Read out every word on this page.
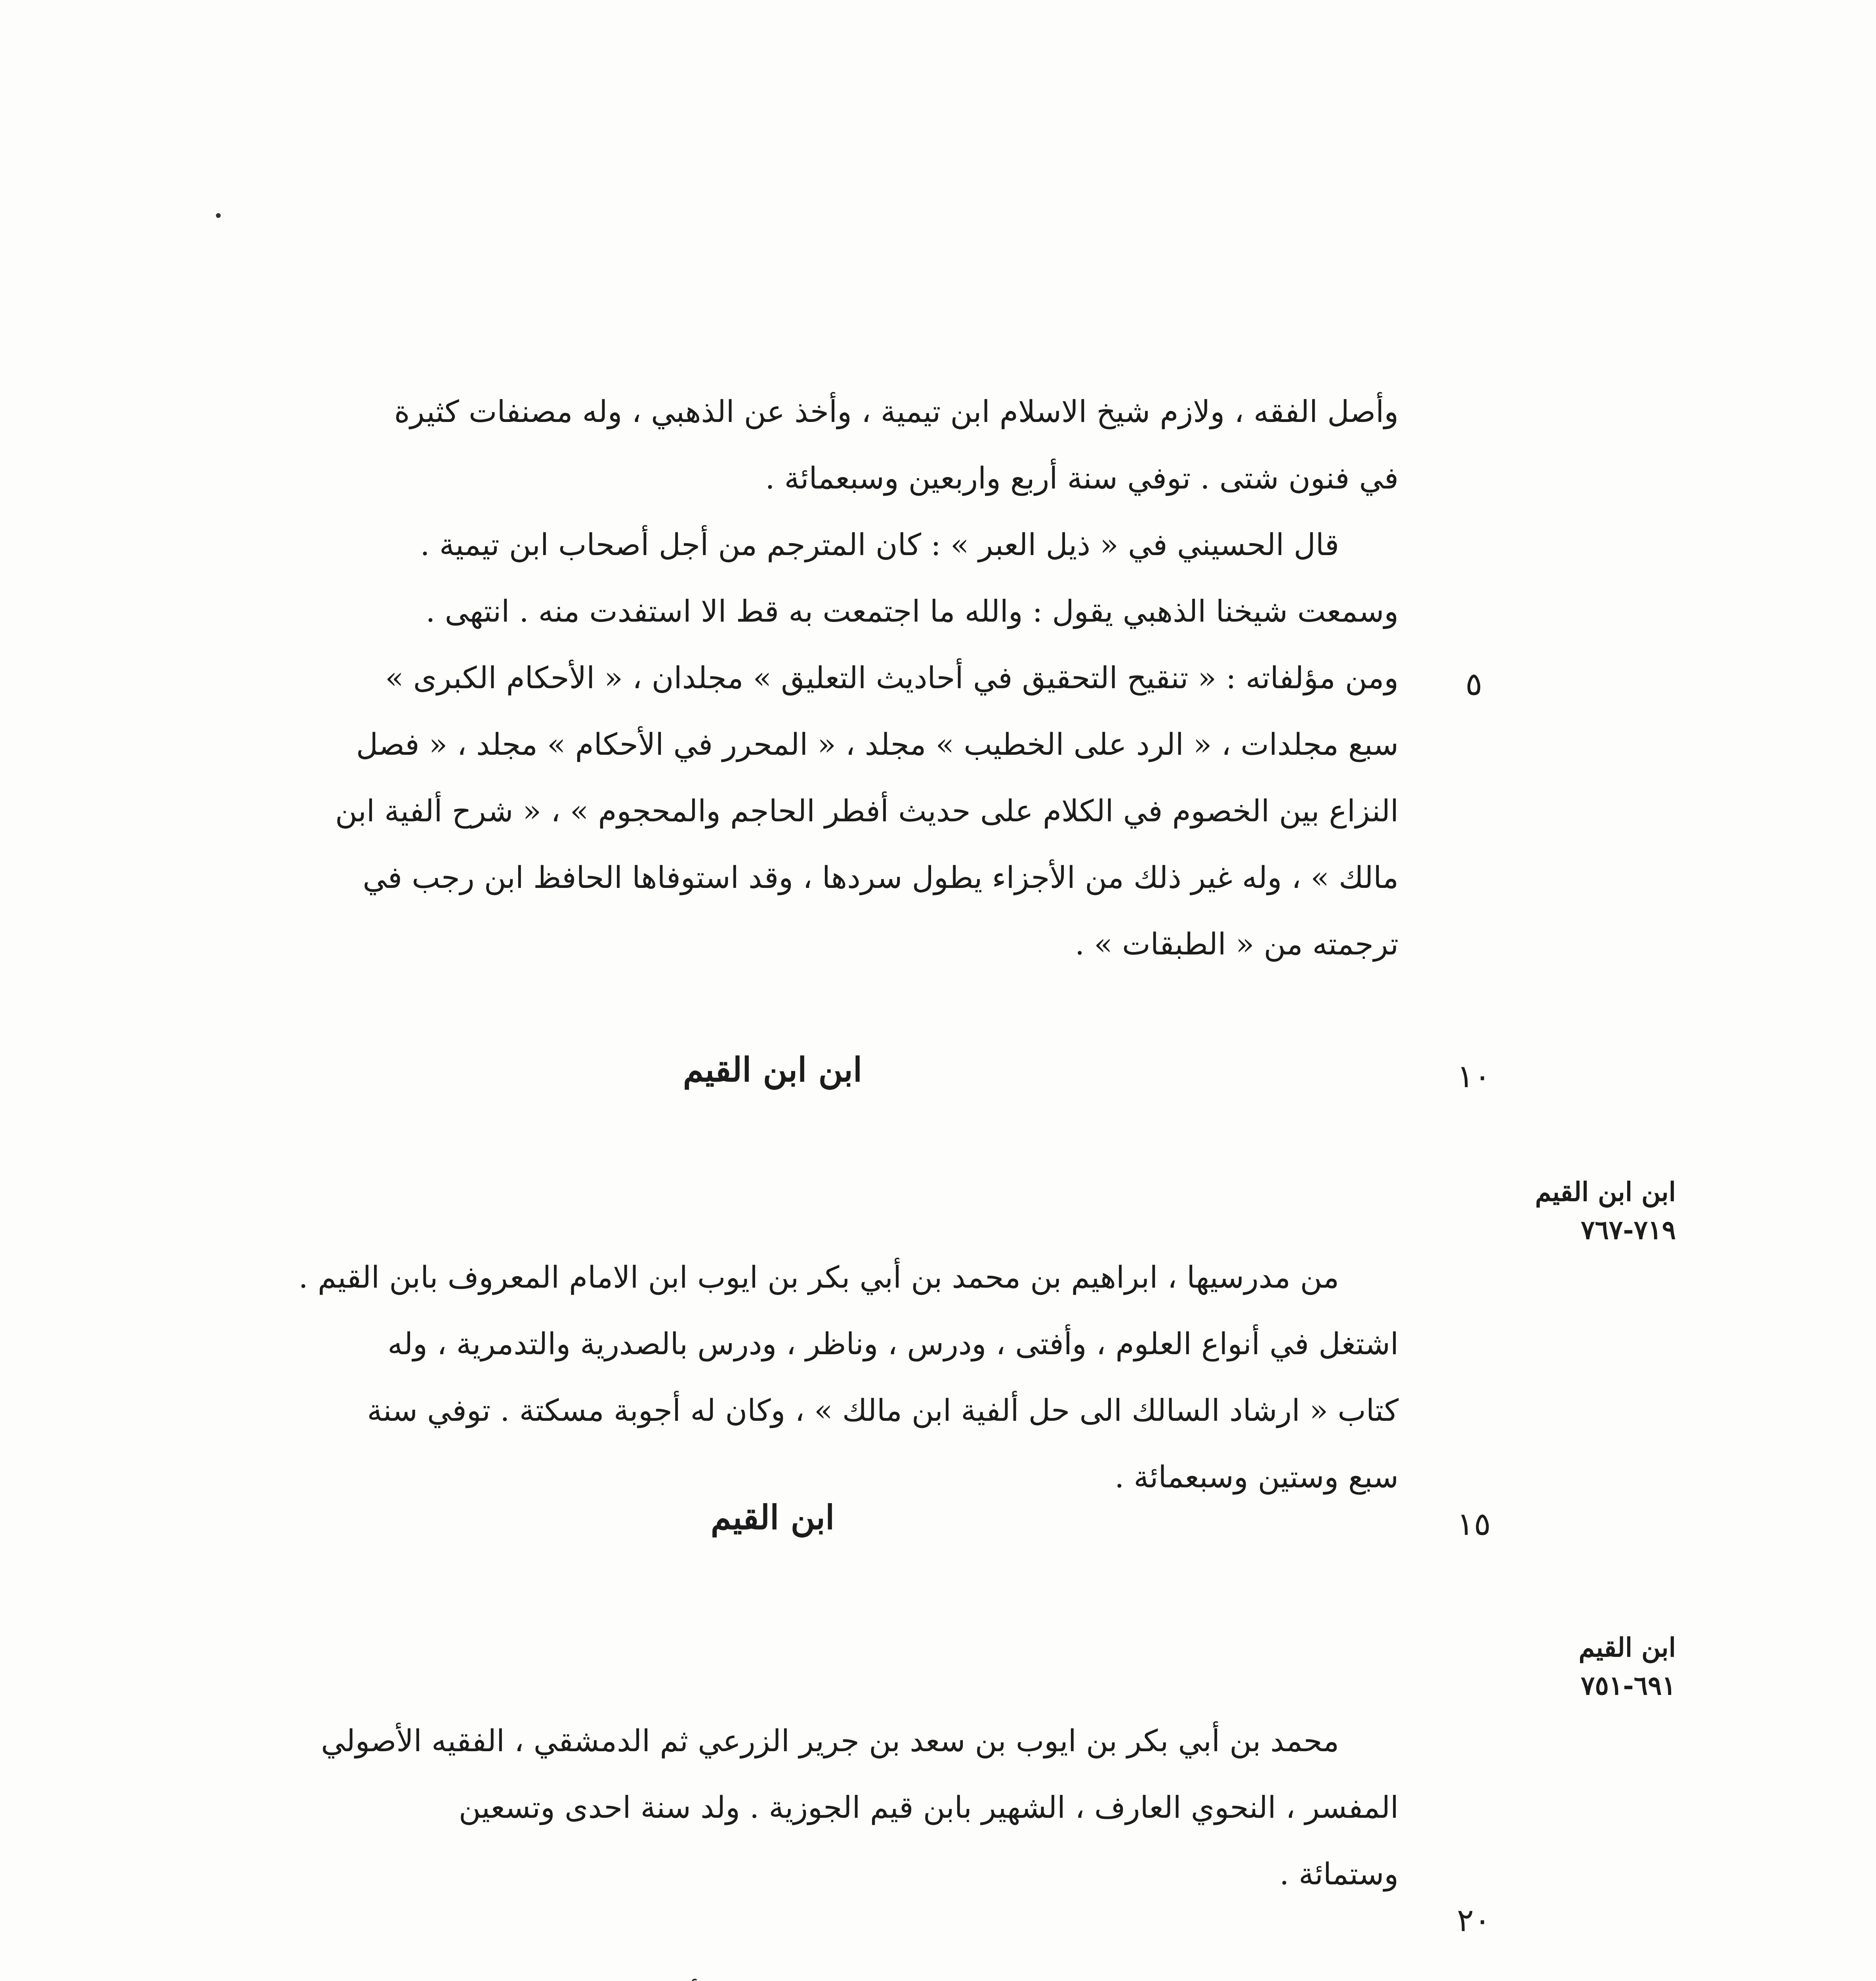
وأصل الفقه ، ولازم شيخ الاسلام ابن تيمية ، وأخذ عن الذهبي ، وله مصنفات كثيرة
في فنون شتى . توفي سنة أربع واربعين وسبعمائة .
قال الحسيني في « ذيل العبر » : كان المترجم من أجل أصحاب ابن تيمية .
وسمعت شيخنا الذهبي يقول : والله ما اجتمعت به قط الا استفدت منه . انتهى .
ومن مؤلفاته : « تنقيح التحقيق في أحاديث التعليق » مجلدان ، « الأحكام الكبرى »
سبع مجلدات ، « الرد على الخطيب » مجلد ، « المحرر في الأحكام » مجلد ، « فصل
النزاع بين الخصوم في الكلام على حديث أفطر الحاجم والمحجوم » ، « شرح ألفية ابن
مالك » ، وله غير ذلك من الأجزاء يطول سردها ، وقد استوفاها الحافظ ابن رجب في
ترجمته من « الطبقات » .

ابن ابن القيم

من مدرسيها ، ابراهيم بن محمد بن أبي بكر بن ايوب ابن الامام المعروف بابن القيم .
اشتغل في أنواع العلوم ، وأفتى ، ودرس ، وناظر ، ودرس بالصدرية والتدمرية ، وله
كتاب « ارشاد السالك الى حل ألفية ابن مالك » ، وكان له أجوبة مسكتة . توفي سنة
سبع وستين وسبعمائة .

ابن القيم

محمد بن أبي بكر بن ايوب بن سعد بن جرير الزرعي ثم الدمشقي ، الفقيه الأصولي
المفسر ، النحوي العارف ، الشهير بابن قيم الجوزية . ولد سنة احدى وتسعين
وستمائة .

٥
١٠
١٥
٢٠
ابن ابن القيم
٧١٩-٧٦٧
ابن القيم
٦٩١-٧٥١
